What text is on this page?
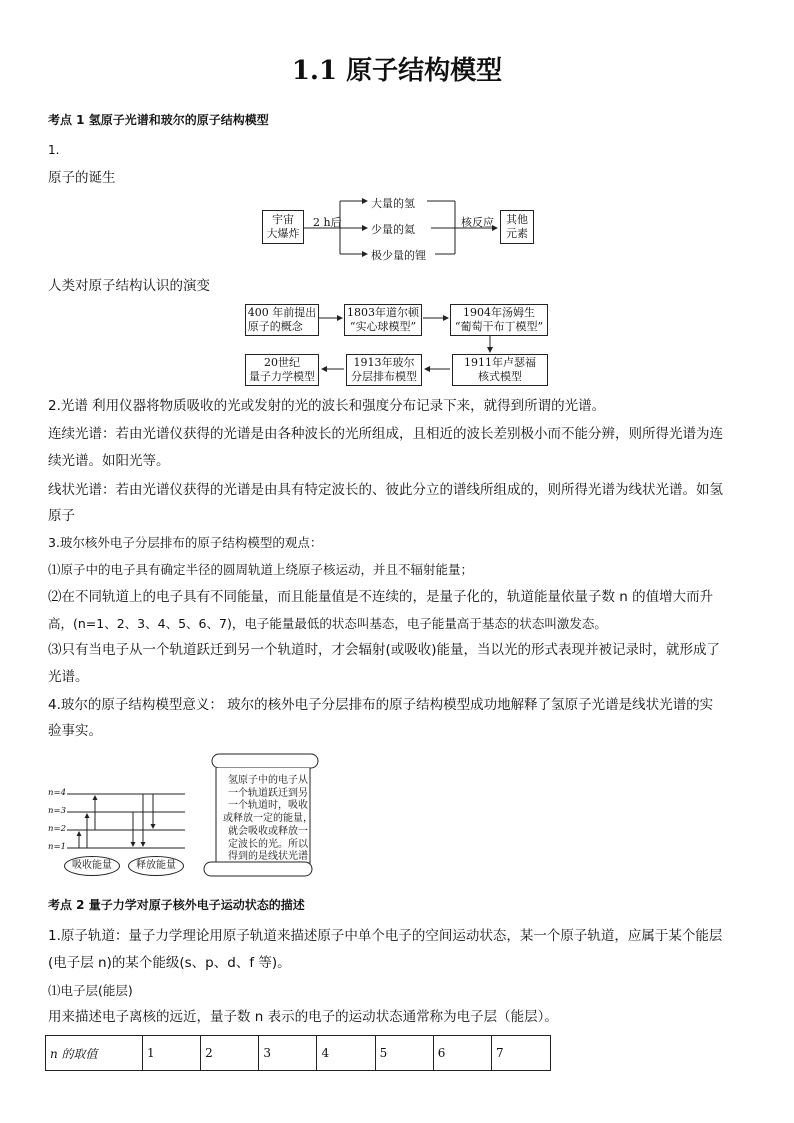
1.1 原子结构模型
考点 1 氢原子光谱和玻尔的原子结构模型
1.
原子的诞生
宇宙
大爆炸
2 h后
大量的氢
少量的氦
极少量的锂
核反应	其他
元素
人类对原子结构认识的演变
400 年前提出
原子的概念
1803年道尔顿
“实心球模型”
1904年汤姆生
“葡萄干布丁模型”
1911年卢瑟福
核式模型
1913年玻尔
分层排布模型
20世纪
量子力学模型
2.光谱 利用仪器将物质吸收的光或发射的光的波长和强度分布记录下来，就得到所谓的光谱。
连续光谱：若由光谱仪获得的光谱是由各种波长的光所组成，且相近的波长差别极小而不能分辨，则所得光谱为连
续光谱。如阳光等。
线状光谱：若由光谱仪获得的光谱是由具有特定波长的、彼此分立的谱线所组成的，则所得光谱为线状光谱。如氢
原子
3.玻尔核外电子分层排布的原子结构模型的观点：
⑴原子中的电子具有确定半径的圆周轨道上绕原子核运动，并且不辐射能量；
⑵在不同轨道上的电子具有不同能量，而且能量值是不连续的，是量子化的，轨道能量依量子数 n 的值增大而升
高，(n=1、2、3、4、5、6、7)，电子能量最低的状态叫基态，电子能量高于基态的状态叫激发态。
⑶只有当电子从一个轨道跃迁到另一个轨道时，才会辐射(或吸收)能量，当以光的形式表现并被记录时，就形成了
光谱。
4.玻尔的原子结构模型意义： 玻尔的核外电子分层排布的原子结构模型成功地解释了氢原子光谱是线状光谱的实
验事实。
n=4
n=3
n=2
n=1
吸收能量	释放能量
氢原子中的电子从
一个轨道跃迁到另
一个轨道时，吸收
或释放一定的能量，
就会吸收或释放一
定波长的光。所以
得到的是线状光谱
考点 2 量子力学对原子核外电子运动状态的描述
1.原子轨道：量子力学理论用原子轨道来描述原子中单个电子的空间运动状态，某一个原子轨道，应属于某个能层
(电子层 n)的某个能级(s、p、d、f 等)。
⑴电子层(能层)
用来描述电子离核的远近，量子数 n 表示的电子的运动状态通常称为电子层（能层）。
n 的取值	1	2	3	4	5	6	7
